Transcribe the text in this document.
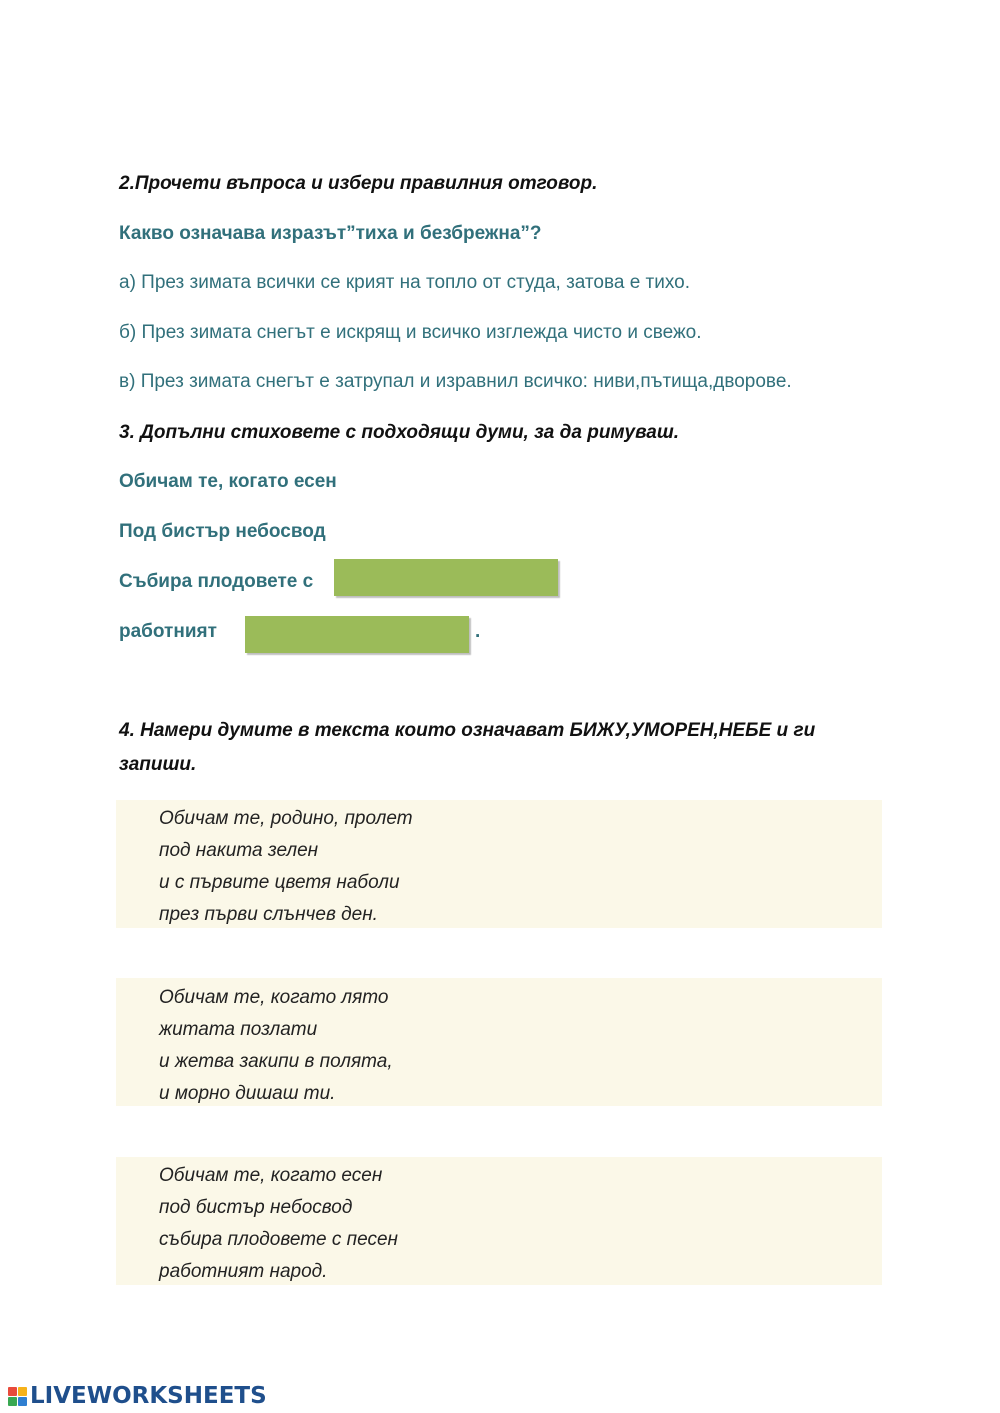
2.Прочети въпроса и избери правилния отговор.
Какво означава изразът”тиха и безбрежна”?
а) През зимата всички се крият на топло от студа, затова е тихо.
б) През зимата снегът е искрящ и всичко изглежда чисто и свежо.
в) През зимата снегът е затрупал и изравнил всичко: ниви,пътища,дворове.
3. Допълни стиховете с подходящи думи, за да римуваш.
Обичам те, когато есен
Под бистър небосвод
Събира плодовете с
работният	.
4. Намери думите в текста които означават БИЖУ,УМОРЕН,НЕБЕ и ги
запиши.
Обичам те, родино, пролет
под накита зелен
и с първите цветя наболи
през първи слънчев ден.
Обичам те, когато лято
житата позлати
и жетва закипи в полята,
и морно дишаш ти.
Обичам те, когато есен
под бистър небосвод
събира плодовете с песен
работният народ.
LIVEWORKSHEETS
